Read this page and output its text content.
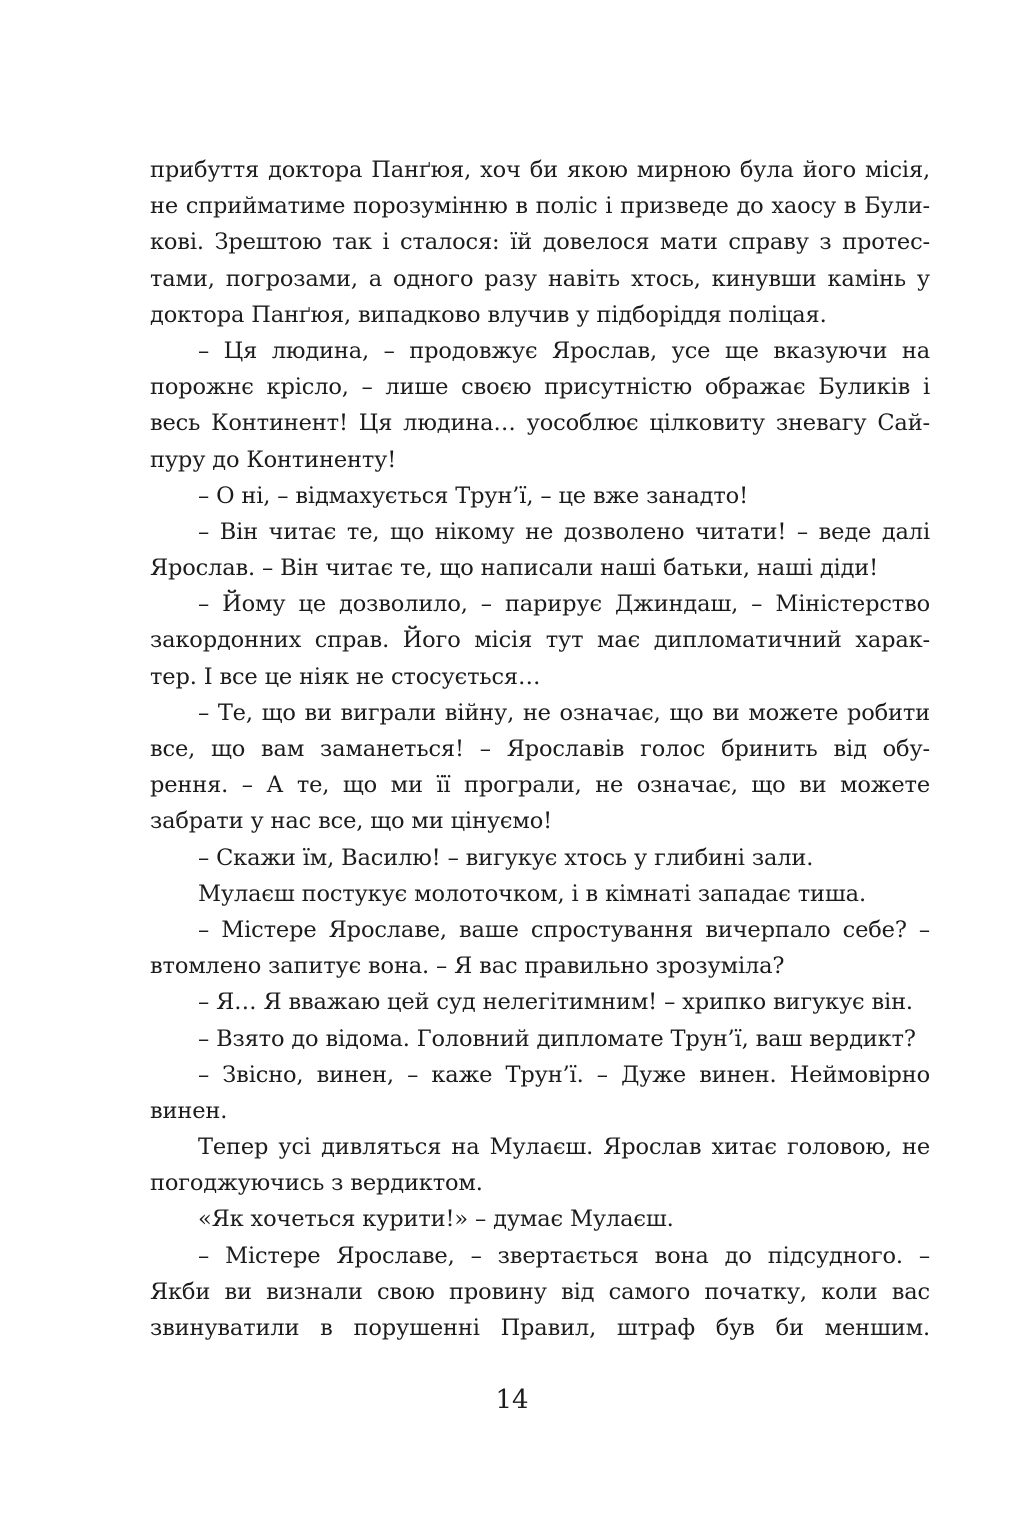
прибуття доктора Панґюя, хоч би якою мирною була його місія,
не сприйматиме порозумінню в поліс і призведе до хаосу в Були-
кові. Зрештою так і сталося: їй довелося мати справу з протес-
тами, погрозами, а одного разу навіть хтось, кинувши камінь у
доктора Панґюя, випадково влучив у підборіддя поліцая.
– Ця людина, – продовжує Ярослав, усе ще вказуючи на
порожнє крісло, – лише своєю присутністю ображає Буликів і
весь Континент! Ця людина… уособлює цілковиту зневагу Сай-
пуру до Континенту!
– О ні, – відмахується Трун’ї, – це вже занадто!
– Він читає те, що нікому не дозволено читати! – веде далі
Ярослав. – Він читає те, що написали наші батьки, наші діди!
– Йому це дозволило, – парирує Джиндаш, – Міністерство
закордонних справ. Його місія тут має дипломатичний харак-
тер. І все це ніяк не стосується…
– Те, що ви виграли війну, не означає, що ви можете робити
все, що вам заманеться! – Ярославів голос бринить від обу-
рення. – А те, що ми її програли, не означає, що ви можете
забрати у нас все, що ми цінуємо!
– Скажи їм, Василю! – вигукує хтось у глибині зали.
Мулаєш постукує молоточком, і в кімнаті западає тиша.
– Містере Ярославе, ваше спростування вичерпало себе? –
втомлено запитує вона. – Я вас правильно зрозуміла?
– Я… Я вважаю цей суд нелегітимним! – хрипко вигукує він.
– Взято до відома. Головний дипломате Трун’ї, ваш вердикт?
– Звісно, винен, – каже Трун’ї. – Дуже винен. Неймовірно
винен.
Тепер усі дивляться на Мулаєш. Ярослав хитає головою, не
погоджуючись з вердиктом.
«Як хочеться курити!» – думає Мулаєш.
– Містере Ярославе, – звертається вона до підсудного. –
Якби ви визнали свою провину від самого початку, коли вас
звинуватили в порушенні Правил, штраф був би меншим.
14
